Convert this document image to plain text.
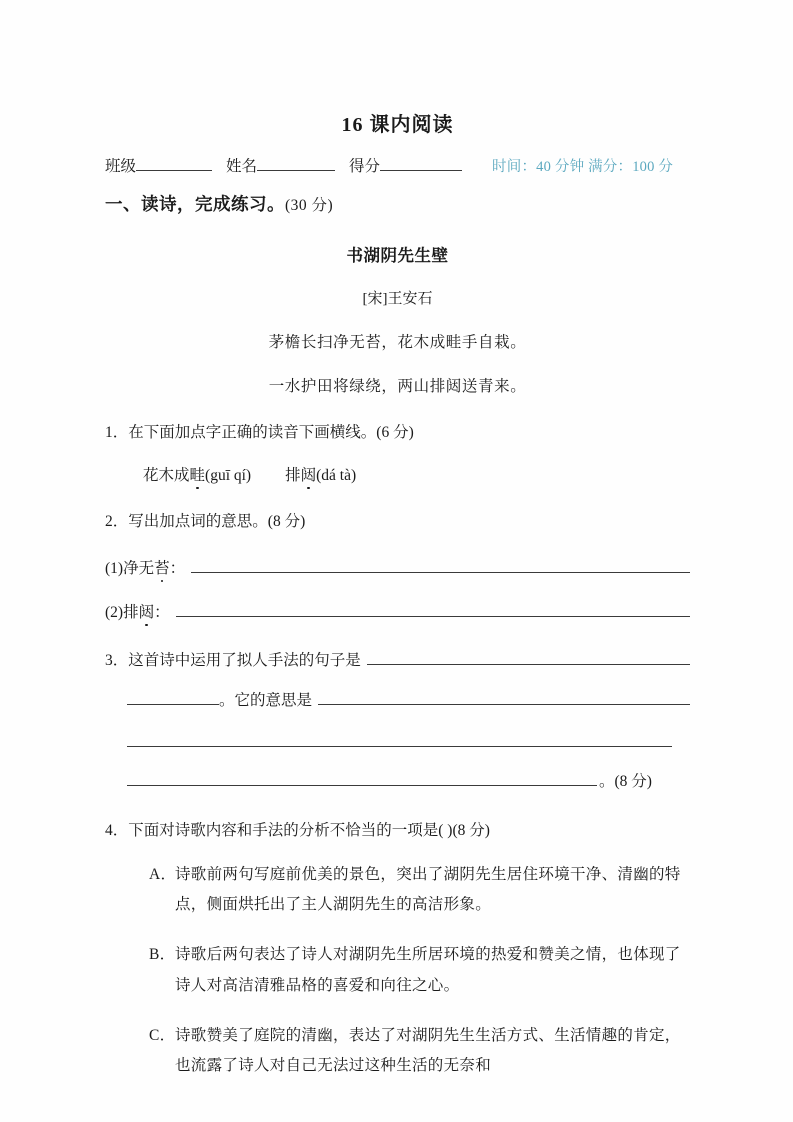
16 课内阅读
班级	姓名	得分	时间：40 分钟 满分：100 分
一、读诗，完成练习。(30 分)
书湖阴先生壁
[宋]王安石
茅檐长扫净无苔，花木成畦手自栽。
一水护田将绿绕，两山排闼送青来。
1．在下面加点字正确的读音下画横线。(6 分)
花木成畦(guī qí) 排闼(dá tà)
2．写出加点词的意思。(8 分)
(1)净无苔：
(2)排闼：
3．这首诗中运用了拟人手法的句子是
。它的意思是
。(8 分)
4．下面对诗歌内容和手法的分析不恰当的一项是( )(8 分)
A．
诗歌前两句写庭前优美的景色，突出了湖阴先生居住环境干净、清幽的特点，侧面烘托出了主人湖阴先生的高洁形象。
B． 诗歌后两句表达了诗人对湖阴先生所居环境的热爱和赞美之情，也体现了诗人对高洁清雅品格的喜爱和向往之心。
C． 诗歌赞美了庭院的清幽，表达了对湖阴先生生活方式、生活情趣的肯定，也流露了诗人对自己无法过这种生活的无奈和
